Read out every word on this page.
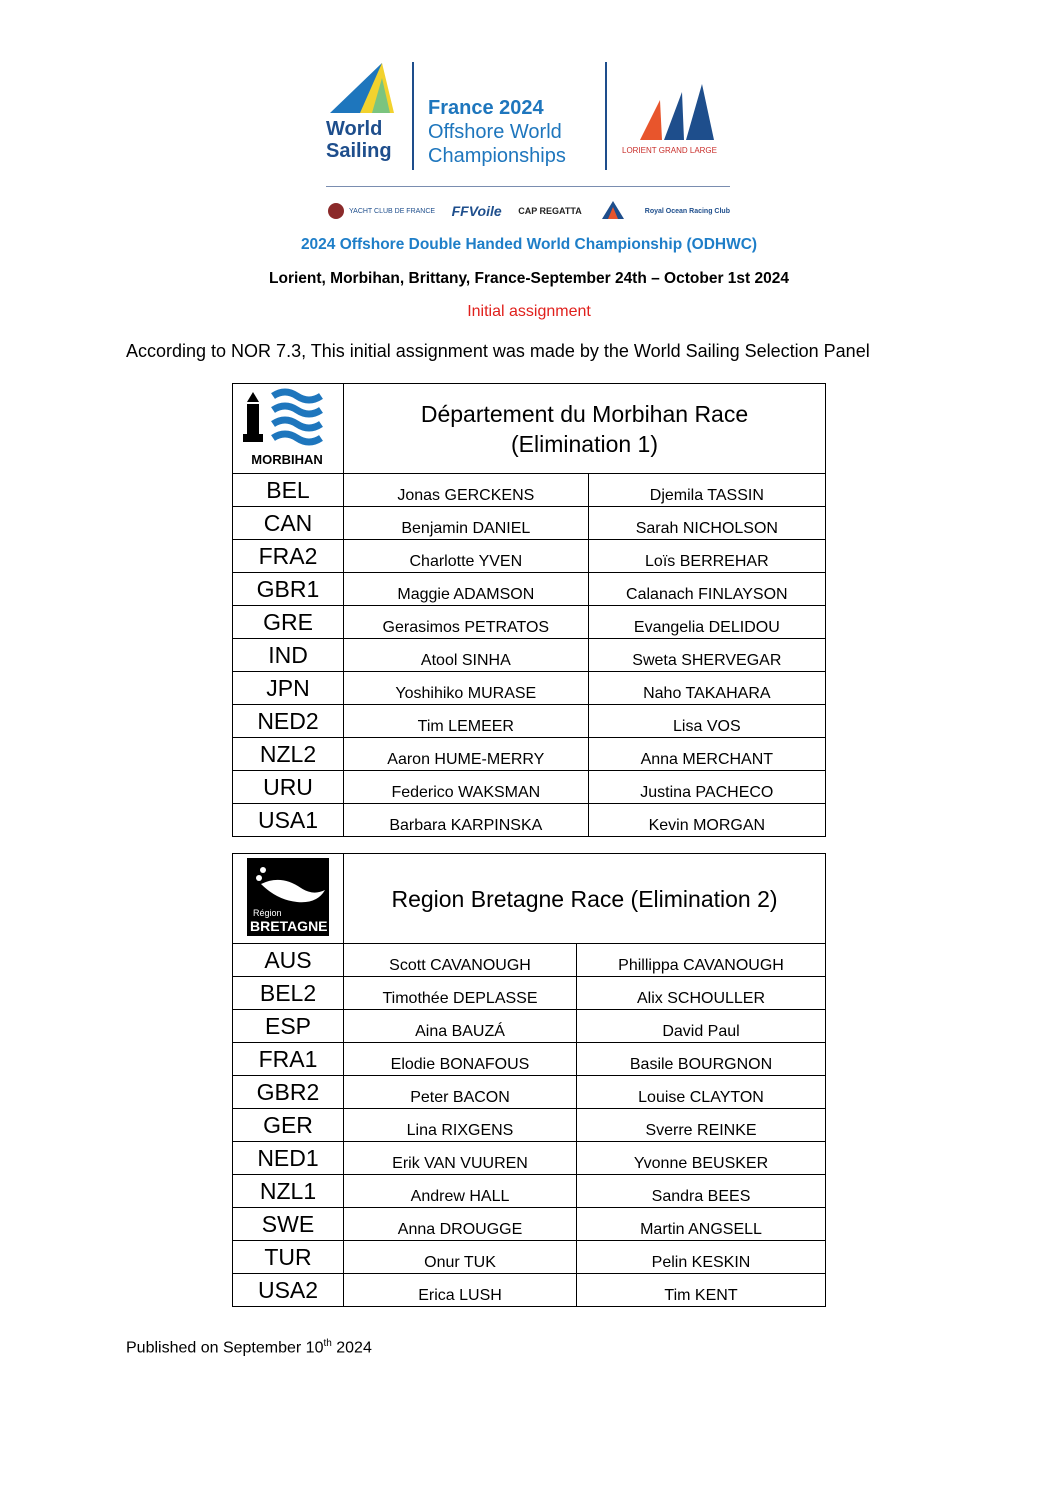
World
Sailing
France 2024
Offshore World
Championships	LORIENT GRAND LARGE
YACHT CLUB DE FRANCE FFVoile CAP REGATTA	Royal Ocean Racing Club
2024 Offshore Double Handed World Championship (ODHWC)
Lorient, Morbihan, Brittany, France-September 24th – October 1st 2024
Initial assignment
According to NOR 7.3, This initial assignment was made by the World Sailing Selection Panel
MORBIHAN	Département du Morbihan Race
(Elimination 1)	

BEL	Jonas GERCKENS	Djemila TASSIN
CAN	Benjamin DANIEL	Sarah NICHOLSON
FRA2	Charlotte YVEN	Loïs BERREHAR
GBR1	Maggie ADAMSON	Calanach FINLAYSON
GRE	Gerasimos PETRATOS	Evangelia DELIDOU
IND	Atool SINHA	Sweta SHERVEGAR
JPN	Yoshihiko MURASE	Naho TAKAHARA
NED2	Tim LEMEER	Lisa VOS
NZL2	Aaron HUME-MERRY	Anna MERCHANT
URU	Federico WAKSMAN	Justina PACHECO
USA1	Barbara KARPINSKA	Kevin MORGAN
Région
BRETAGNE	Region Bretagne Race (Elimination 2)	

AUS	Scott CAVANOUGH	Phillippa CAVANOUGH
BEL2	Timothée DEPLASSE	Alix SCHOULLER
ESP	Aina BAUZÁ	David Paul
FRA1	Elodie BONAFOUS	Basile BOURGNON
GBR2	Peter BACON	Louise CLAYTON
GER	Lina RIXGENS	Sverre REINKE
NED1	Erik VAN VUUREN	Yvonne BEUSKER
NZL1	Andrew HALL	Sandra BEES
SWE	Anna DROUGGE	Martin ANGSELL
TUR	Onur TUK	Pelin KESKIN
USA2	Erica LUSH	Tim KENT
Published on September 10th 2024
